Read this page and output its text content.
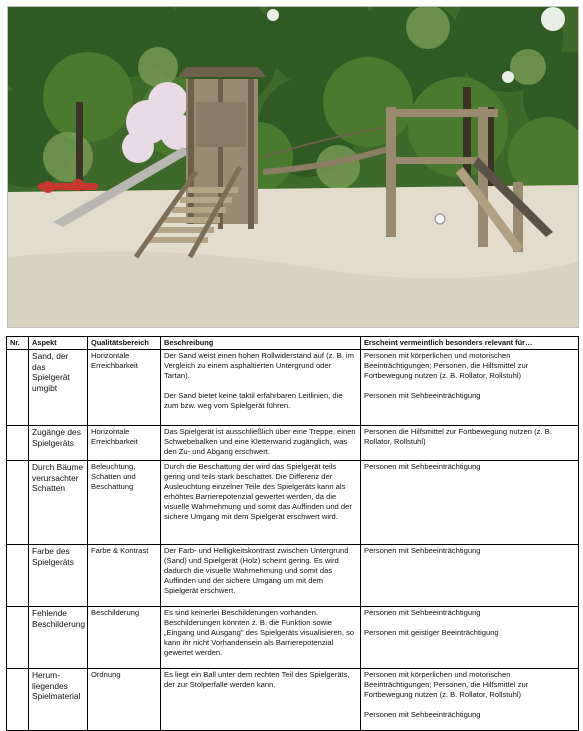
Nr.	Aspekt	Qualitätsbereich	Beschreibung	Erscheint vermeintlich besonders relevant für…
	Sand, der das Spielgerät umgibt	Horizontale Erreichbarkeit	Der Sand weist einen hohen Rollwiderstand auf (z. B. im Vergleich zu einem asphaltierten Untergrund oder Tartan).
Der Sand bietet keine taktil erfahrbaren Leitlinien, die zum bzw. weg vom Spielgerät führen.	Personen mit körperlichen und motorischen Beeinträchtigungen; Personen, die Hilfsmittel zur Fortbewegung nutzen (z. B. Rollator, Rollstuhl)
Personen mit Sehbeeinträchtigung

	Zugänge des Spielgeräts	Horizontale Erreichbarkeit	Das Spielgerät ist ausschließlich über eine Treppe, einen Schwebebalken und eine Kletterwand zugänglich, was den Zu- und Abgang erschwert.	Personen die Hilfsmittel zur Fortbewegung nutzen (z. B. Rollator, Rollstuhl)

	Durch Bäume verursachter Schatten	Beleuchtung, Schatten und Beschattung	Durch die Beschattung der wird das Spielgerät teils gering und teils stark beschattet. Die Differenz der Ausleuchtung einzelner Teile des Spielgeräts kann als erhöhtes Barrierepotenzial gewertet werden, da die visuelle Wahrnehmung und somit das Auffinden und der sichere Umgang mit dem Spielgerät erschwert wird.	Personen mit Sehbeeinträchtigung

	Farbe des Spielgeräts	Farbe & Kontrast	Der Farb- und Helligkeitskontrast zwischen Untergrund (Sand) und Spielgerät (Holz) scheint gering. Es wird dadurch die visuelle Wahrnehmung und somit das Auffinden und der sichere Umgang um mit dem Spielgerät erschwert.	Personen mit Sehbeeinträchtigung

	Fehlende Beschilderung	Beschilderung	Es sind keinerlei Beschilderungen vorhanden. Beschilderungen könnten z. B. die Funktion sowie „Eingang und Ausgang" des Spielgeräts visualisieren, so kann ihr nicht Vorhandensein als Barrierepotenzial gewertet werden.	Personen mit Sehbeeinträchtigung
Personen mit geistiger Beeinträchtigung

	Herum-liegendes Spielmaterial	Ordnung	Es liegt ein Ball unter dem rechten Teil des Spielgeräts, der zur Stolperfalle werden kann.	Personen mit körperlichen und motorischen Beeinträchtigungen; Personen, die Hilfsmittel zur Fortbewegung nutzen (z. B. Rollator, Rollstuhl)
Personen mit Sehbeeinträchtigung
